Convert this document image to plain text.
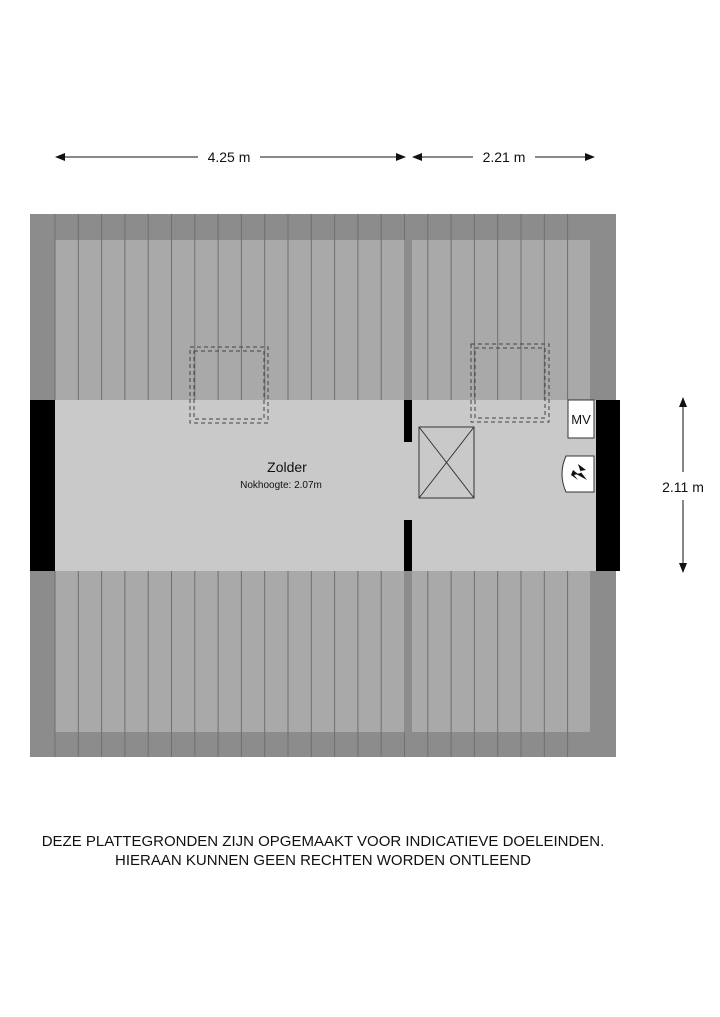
MV
Zolder
Nokhoogte: 2.07m
4.25 m	2.21 m
2.11 m
DEZE PLATTEGRONDEN ZIJN OPGEMAAKT VOOR INDICATIEVE DOELEINDEN.
HIERAAN KUNNEN GEEN RECHTEN WORDEN ONTLEEND
